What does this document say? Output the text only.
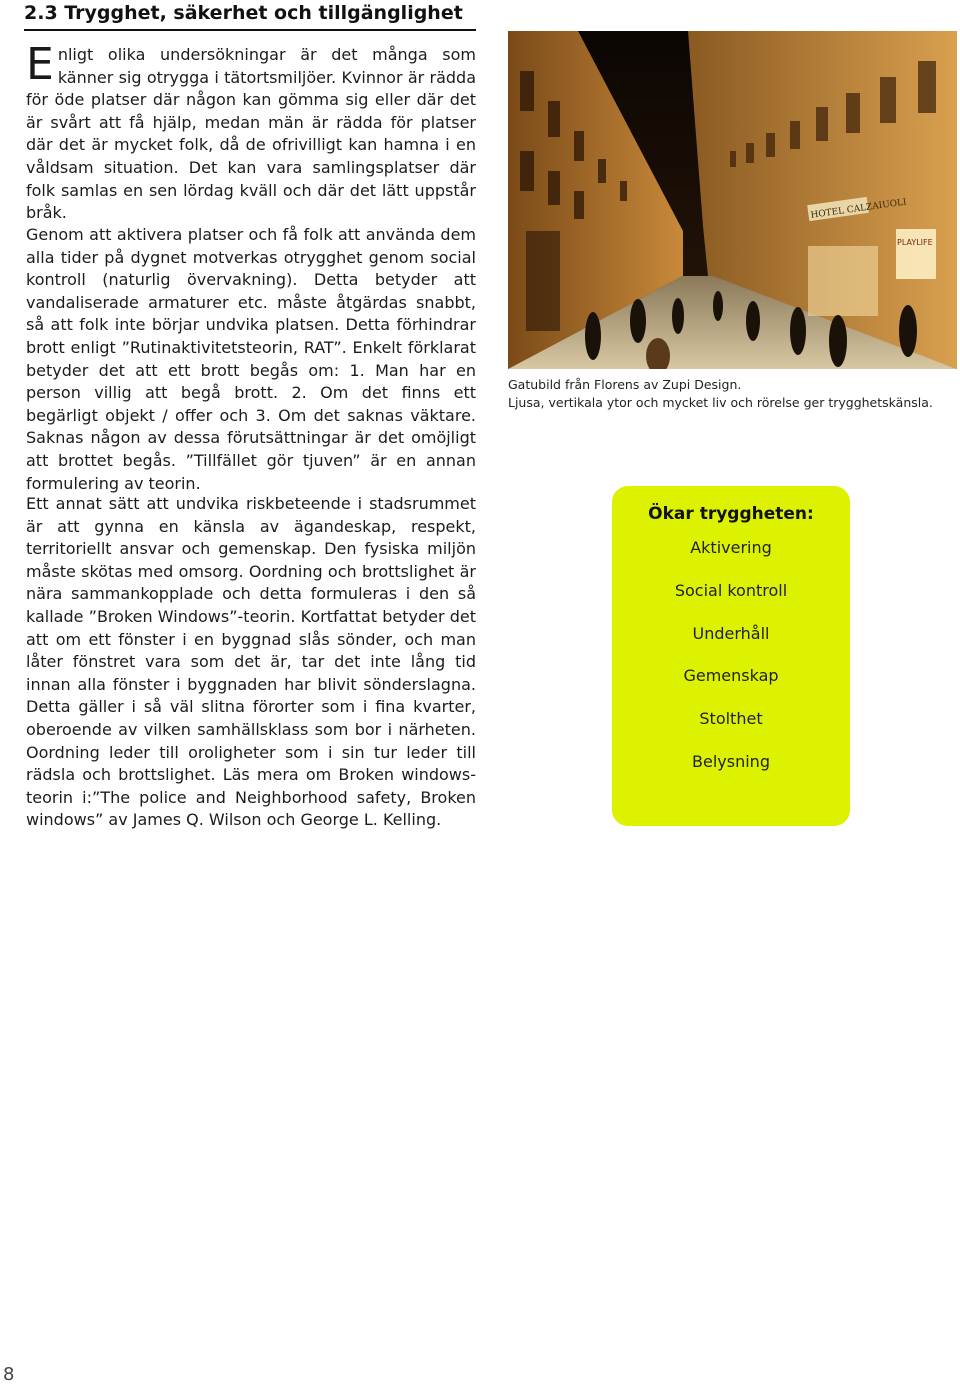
2.3 Trygghet, säkerhet och tillgänglighet
Enligt olika undersökningar är det många som känner sig otrygga i tätortsmiljöer. Kvinnor är rädda för öde platser där någon kan gömma sig eller där det är svårt att få hjälp, medan män är rädda för platser där det är mycket folk, då de ofrivilligt kan hamna i en våldsam situation. Det kan vara samlingsplatser där folk samlas en sen lördag kväll och där det lätt uppstår bråk.
Genom att aktivera platser och få folk att använda dem alla tider på dygnet motverkas otrygghet genom social kontroll (naturlig övervakning). Detta betyder att vandaliserade armaturer etc. måste åtgärdas snabbt, så att folk inte börjar undvika platsen. Detta förhindrar brott enligt ”Rutinaktivitetsteorin, RAT”. Enkelt förklarat betyder det att ett brott begås om: 1. Man har en person villig att begå brott. 2. Om det finns ett begärligt objekt / offer och 3. Om det saknas väktare. Saknas någon av dessa förutsättningar är det omöjligt att brottet begås. ”Tillfället gör tjuven” är en annan formulering av teorin.
Ett annat sätt att undvika riskbeteende i stadsrummet är att gynna en känsla av ägandeskap, respekt, territoriellt ansvar och gemenskap. Den fysiska miljön måste skötas med omsorg. Oordning och brottslighet är nära sammankopplade och detta formuleras i den så kallade ”Broken Windows”-teorin. Kortfattat betyder det att om ett fönster i en byggnad slås sönder, och man låter fönstret vara som det är, tar det inte lång tid innan alla fönster i byggnaden har blivit sönderslagna. Detta gäller i så väl slitna förorter som i fina kvarter, oberoende av vilken samhällsklass som bor i närheten. Oordning leder till oroligheter som i sin tur leder till rädsla och brottslighet. Läs mera om Broken windows-teorin i:”The police and Neighborhood safety, Broken windows” av James Q. Wilson och George L. Kelling.
HOTEL CALZAIUOLI
PLAYLIFE
Gatubild från Florens av Zupi Design.
Ljusa, vertikala ytor och mycket liv och rörelse ger trygghetskänsla.
Ökar tryggheten:
Aktivering
Social kontroll
Underhåll
Gemenskap
Stolthet
Belysning
8
